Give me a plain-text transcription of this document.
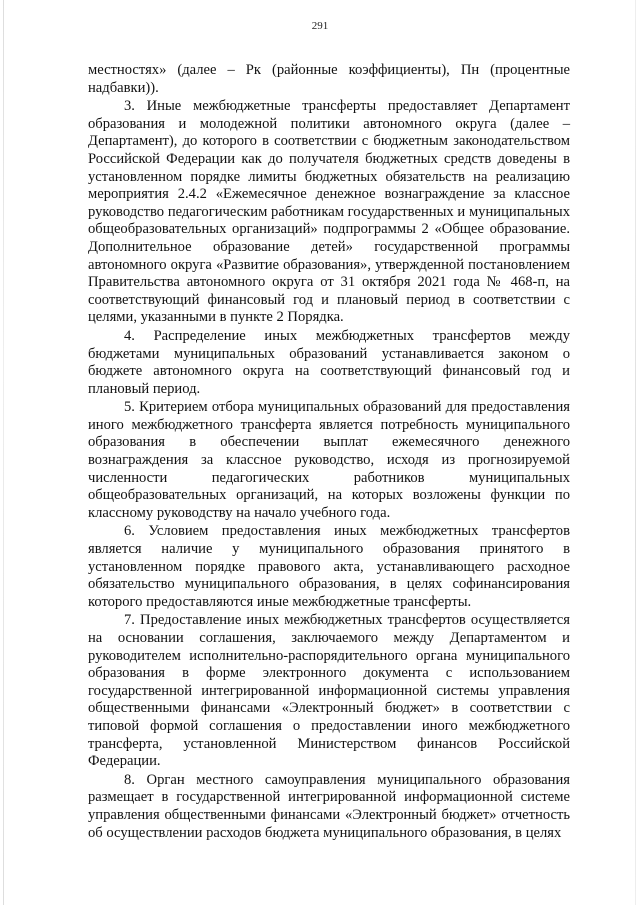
291

местностях» (далее – Рк (районные коэффициенты), Пн (процентные надбавки)).

3. Иные межбюджетные трансферты предоставляет Департамент образования и молодежной политики автономного округа (далее – Департамент), до которого в соответствии с бюджетным законодательством Российской Федерации как до получателя бюджетных средств доведены в установленном порядке лимиты бюджетных обязательств на реализацию мероприятия 2.4.2 «Ежемесячное денежное вознаграждение за классное руководство педагогическим работникам государственных и муниципальных общеобразовательных организаций» подпрограммы 2 «Общее образование. Дополнительное образование детей» государственной программы автономного округа «Развитие образования», утвержденной постановлением Правительства автономного округа от 31 октября 2021 года № 468-п, на соответствующий финансовый год и плановый период в соответствии с целями, указанными в пункте 2 Порядка.

4. Распределение иных межбюджетных трансфертов между бюджетами муниципальных образований устанавливается законом о бюджете автономного округа на соответствующий финансовый год и плановый период.

5. Критерием отбора муниципальных образований для предоставления иного межбюджетного трансферта является потребность муниципального образования в обеспечении выплат ежемесячного денежного вознаграждения за классное руководство, исходя из прогнозируемой численности педагогических работников муниципальных общеобразовательных организаций, на которых возложены функции по классному руководству на начало учебного года.

6. Условием предоставления иных межбюджетных трансфертов является наличие у муниципального образования принятого в установленном порядке правового акта, устанавливающего расходное обязательство муниципального образования, в целях софинансирования которого предоставляются иные межбюджетные трансферты.

7. Предоставление иных межбюджетных трансфертов осуществляется на основании соглашения, заключаемого между Департаментом и руководителем исполнительно-распорядительного органа муниципального образования в форме электронного документа с использованием государственной интегрированной информационной системы управления общественными финансами «Электронный бюджет» в соответствии с типовой формой соглашения о предоставлении иного межбюджетного трансферта, установленной Министерством финансов Российской Федерации.

8. Орган местного самоуправления муниципального образования размещает в государственной интегрированной информационной системе управления общественными финансами «Электронный бюджет» отчетность об осуществлении расходов бюджета муниципального образования, в целях
